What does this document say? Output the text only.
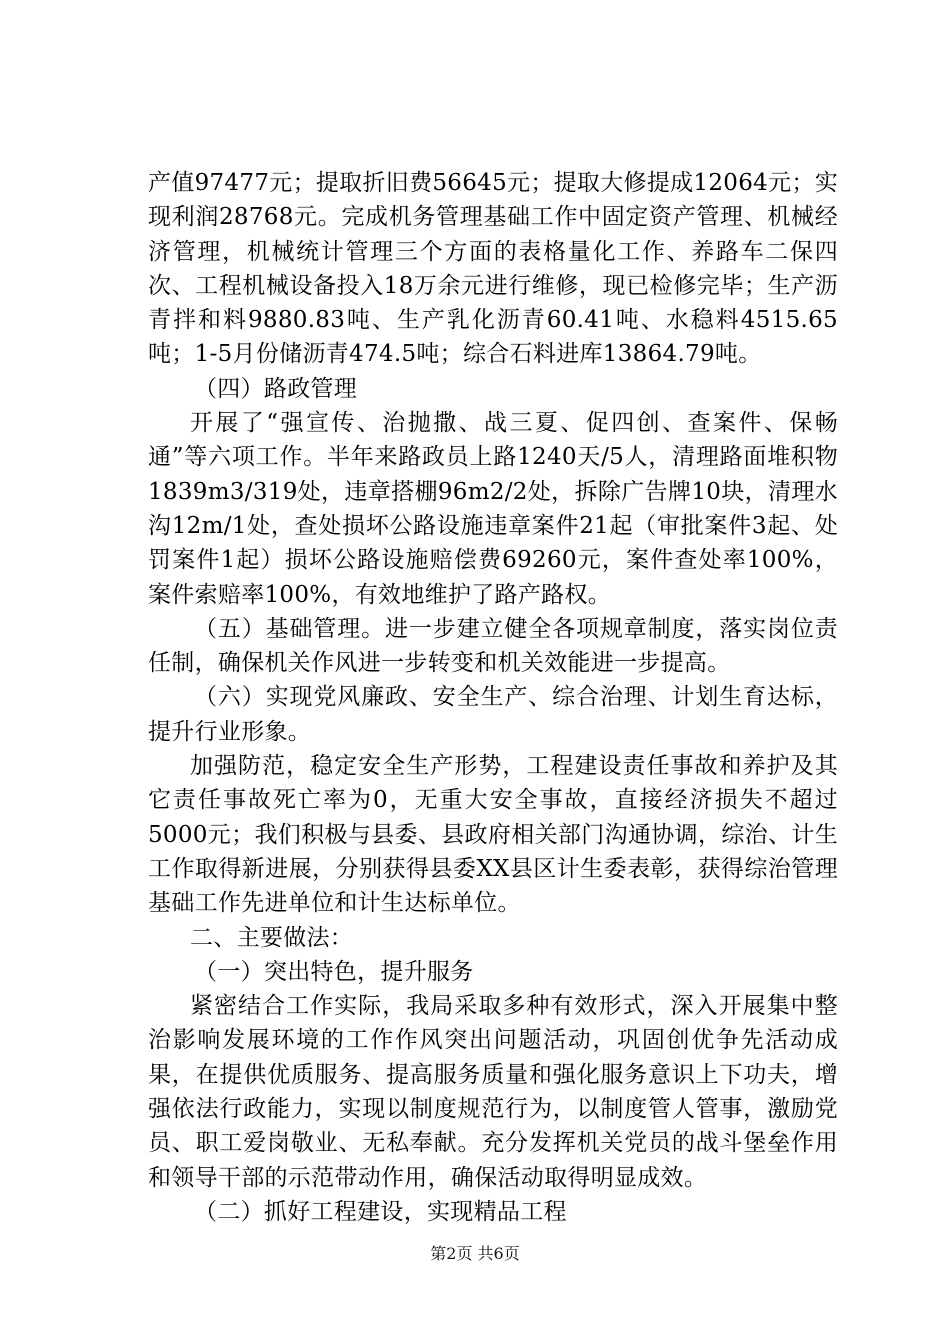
产值97477元；提取折旧费56645元；提取大修提成12064元；实现利润28768元。完成机务管理基础工作中固定资产管理、机械经济管理，机械统计管理三个方面的表格量化工作、养路车二保四次、工程机械设备投入18万余元进行维修，现已检修完毕；生产沥青拌和料9880.83吨、生产乳化沥青60.41吨、水稳料4515.65吨；1-5月份储沥青474.5吨；综合石料进库13864.79吨。

（四）路政管理

开展了“强宣传、治抛撒、战三夏、促四创、查案件、保畅通”等六项工作。半年来路政员上路1240天/5人，清理路面堆积物1839m3/319处，违章搭棚96m2/2处，拆除广告牌10块，清理水沟12m/1处，查处损坏公路设施违章案件21起（审批案件3起、处罚案件1起）损坏公路设施赔偿费69260元，案件查处率100%，案件索赔率100%，有效地维护了路产路权。

（五）基础管理。进一步建立健全各项规章制度，落实岗位责任制，确保机关作风进一步转变和机关效能进一步提高。

（六）实现党风廉政、安全生产、综合治理、计划生育达标，提升行业形象。

加强防范，稳定安全生产形势，工程建设责任事故和养护及其它责任事故死亡率为0，无重大安全事故，直接经济损失不超过5000元；我们积极与县委、县政府相关部门沟通协调，综治、计生工作取得新进展，分别获得县委XX县区计生委表彰，获得综治管理基础工作先进单位和计生达标单位。

二、主要做法：

（一）突出特色，提升服务

紧密结合工作实际，我局采取多种有效形式，深入开展集中整治影响发展环境的工作作风突出问题活动，巩固创优争先活动成果，在提供优质服务、提高服务质量和强化服务意识上下功夫，增强依法行政能力，实现以制度规范行为，以制度管人管事，激励党员、职工爱岗敬业、无私奉献。充分发挥机关党员的战斗堡垒作用和领导干部的示范带动作用，确保活动取得明显成效。

（二）抓好工程建设，实现精品工程

第2页 共6页
